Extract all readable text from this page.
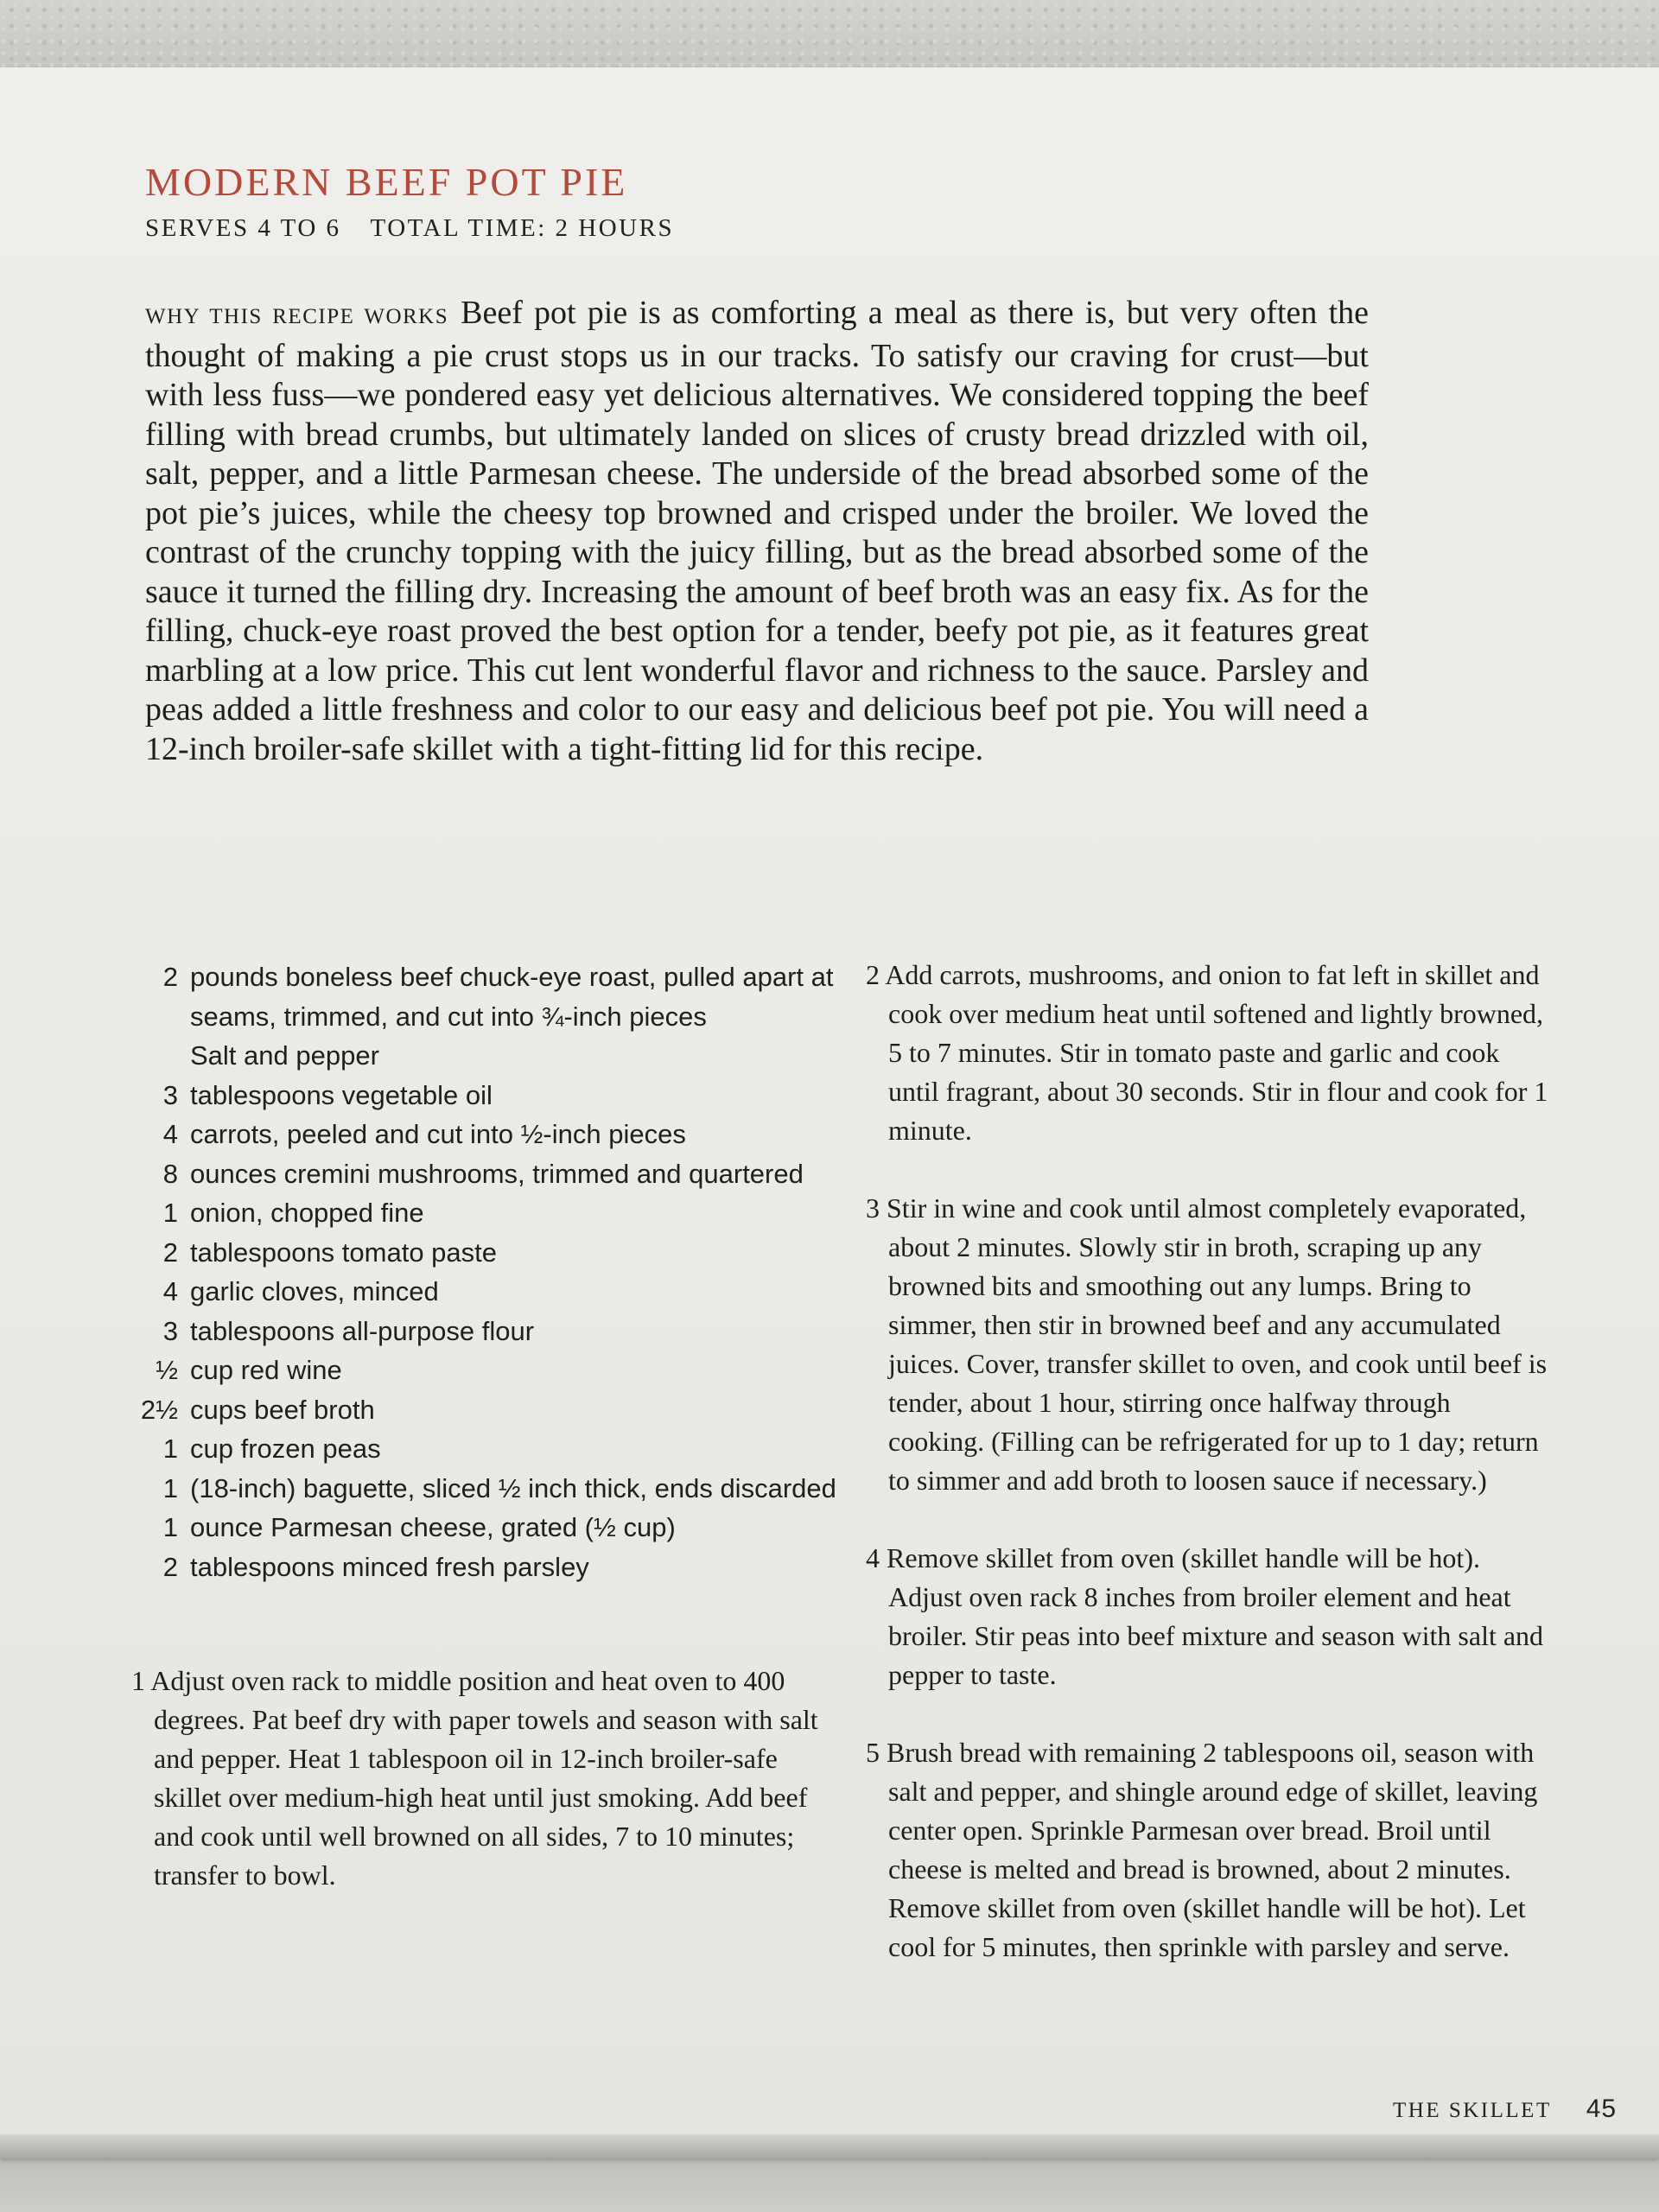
MODERN BEEF POT PIE
SERVES 4 TO 6 TOTAL TIME: 2 HOURS

WHY THIS RECIPE WORKS Beef pot pie is as comforting a meal as there is, but very often the thought of making a pie crust stops us in our tracks. To satisfy our craving for crust—but with less fuss—we pondered easy yet delicious alternatives. We considered topping the beef filling with bread crumbs, but ultimately landed on slices of crusty bread drizzled with oil, salt, pepper, and a little Parmesan cheese. The underside of the bread absorbed some of the pot pie’s juices, while the cheesy top browned and crisped under the broiler. We loved the contrast of the crunchy topping with the juicy filling, but as the bread absorbed some of the sauce it turned the filling dry. Increasing the amount of beef broth was an easy fix. As for the filling, chuck-eye roast proved the best option for a tender, beefy pot pie, as it features great marbling at a low price. This cut lent wonderful flavor and richness to the sauce. Parsley and peas added a little freshness and color to our easy and delicious beef pot pie. You will need a 12-inch broiler-safe skillet with a tight-fitting lid for this recipe.

2 pounds boneless beef chuck-eye roast, pulled apart at seams, trimmed, and cut into ¾-inch pieces
Salt and pepper
3 tablespoons vegetable oil
4 carrots, peeled and cut into ½-inch pieces
8 ounces cremini mushrooms, trimmed and quartered
1 onion, chopped fine
2 tablespoons tomato paste
4 garlic cloves, minced
3 tablespoons all-purpose flour
½ cup red wine
2½ cups beef broth
1 cup frozen peas
1 (18-inch) baguette, sliced ½ inch thick, ends discarded
1 ounce Parmesan cheese, grated (½ cup)
2 tablespoons minced fresh parsley

1 Adjust oven rack to middle position and heat oven to 400 degrees. Pat beef dry with paper towels and season with salt and pepper. Heat 1 tablespoon oil in 12-inch broiler-safe skillet over medium-high heat until just smoking. Add beef and cook until well browned on all sides, 7 to 10 minutes; transfer to bowl.

2 Add carrots, mushrooms, and onion to fat left in skillet and cook over medium heat until softened and lightly browned, 5 to 7 minutes. Stir in tomato paste and garlic and cook until fragrant, about 30 seconds. Stir in flour and cook for 1 minute.

3 Stir in wine and cook until almost completely evaporated, about 2 minutes. Slowly stir in broth, scraping up any browned bits and smoothing out any lumps. Bring to simmer, then stir in browned beef and any accumulated juices. Cover, transfer skillet to oven, and cook until beef is tender, about 1 hour, stirring once halfway through cooking. (Filling can be refrigerated for up to 1 day; return to simmer and add broth to loosen sauce if necessary.)

4 Remove skillet from oven (skillet handle will be hot). Adjust oven rack 8 inches from broiler element and heat broiler. Stir peas into beef mixture and season with salt and pepper to taste.

5 Brush bread with remaining 2 tablespoons oil, season with salt and pepper, and shingle around edge of skillet, leaving center open. Sprinkle Parmesan over bread. Broil until cheese is melted and bread is browned, about 2 minutes. Remove skillet from oven (skillet handle will be hot). Let cool for 5 minutes, then sprinkle with parsley and serve.

THE SKILLET 45
